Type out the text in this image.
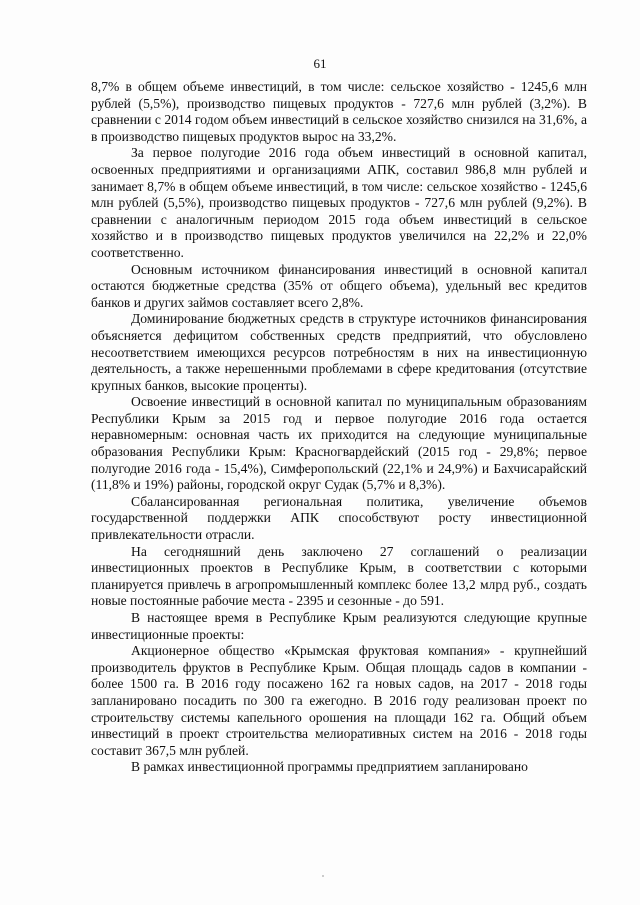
61

8,7% в общем объеме инвестиций, в том числе: сельское хозяйство - 1245,6 млн рублей (5,5%), производство пищевых продуктов - 727,6 млн рублей (3,2%). В сравнении с 2014 годом объем инвестиций в сельское хозяйство снизился на 31,6%, а в производство пищевых продуктов вырос на 33,2%.

За первое полугодие 2016 года объем инвестиций в основной капитал, освоенных предприятиями и организациями АПК, составил 986,8 млн рублей и занимает 8,7% в общем объеме инвестиций, в том числе: сельское хозяйство - 1245,6 млн рублей (5,5%), производство пищевых продуктов - 727,6 млн рублей (9,2%). В сравнении с аналогичным периодом 2015 года объем инвестиций в сельское хозяйство и в производство пищевых продуктов увеличился на 22,2% и 22,0% соответственно.

Основным источником финансирования инвестиций в основной капитал остаются бюджетные средства (35% от общего объема), удельный вес кредитов банков и других займов составляет всего 2,8%.

Доминирование бюджетных средств в структуре источников финансирования объясняется дефицитом собственных средств предприятий, что обусловлено несоответствием имеющихся ресурсов потребностям в них на инвестиционную деятельность, а также нерешенными проблемами в сфере кредитования (отсутствие крупных банков, высокие проценты).

Освоение инвестиций в основной капитал по муниципальным образованиям Республики Крым за 2015 год и первое полугодие 2016 года остается неравномерным: основная часть их приходится на следующие муниципальные образования Республики Крым: Красногвардейский (2015 год - 29,8%; первое полугодие 2016 года - 15,4%), Симферопольский (22,1% и 24,9%) и Бахчисарайский (11,8% и 19%) районы, городской округ Судак (5,7% и 8,3%).

Сбалансированная региональная политика, увеличение объемов государственной поддержки АПК способствуют росту инвестиционной привлекательности отрасли.

На сегодняшний день заключено 27 соглашений о реализации инвестиционных проектов в Республике Крым, в соответствии с которыми планируется привлечь в агропромышленный комплекс более 13,2 млрд руб., создать новые постоянные рабочие места - 2395 и сезонные - до 591.

В настоящее время в Республике Крым реализуются следующие крупные инвестиционные проекты:

Акционерное общество «Крымская фруктовая компания» - крупнейший производитель фруктов в Республике Крым. Общая площадь садов в компании - более 1500 га. В 2016 году посажено 162 га новых садов, на 2017 - 2018 годы запланировано посадить по 300 га ежегодно. В 2016 году реализован проект по строительству системы капельного орошения на площади 162 га. Общий объем инвестиций в проект строительства мелиоративных систем на 2016 - 2018 годы составит 367,5 млн рублей.

В рамках инвестиционной программы предприятием запланировано
